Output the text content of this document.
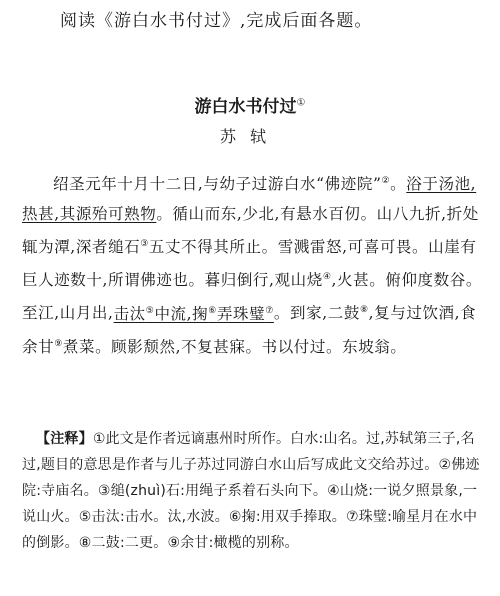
阅读《游白水书付过》,完成后面各题。
游白水书付过①
苏轼

绍圣元年十月十二日,与幼子过游白水“佛迹院”②。浴于汤池,热甚,其源殆可熟物。循山而东,少北,有悬水百仞。山八九折,折处辄为潭,深者缒石③五丈不得其所止。雪溅雷怒,可喜可畏。山崖有巨人迹数十,所谓佛迹也。暮归倒行,观山烧④,火甚。俯仰度数谷。至江,山月出,击汰⑤中流,掬⑥弄珠璧⑦。到家,二鼓⑧,复与过饮酒,食余甘⑨煮菜。顾影颓然,不复甚寐。书以付过。东坡翁。

【注释】①此文是作者远谪惠州时所作。白水:山名。过,苏轼第三子,名过,题目的意思是作者与儿子苏过同游白水山后写成此文交给苏过。②佛迹院:寺庙名。③缒(zhuì)石:用绳子系着石头向下。④山烧:一说夕照景象,一说山火。⑤击汰:击水。汰,水波。⑥掬:用双手捧取。⑦珠璧:喻星月在水中的倒影。⑧二鼓:二更。⑨余甘:橄榄的别称。
